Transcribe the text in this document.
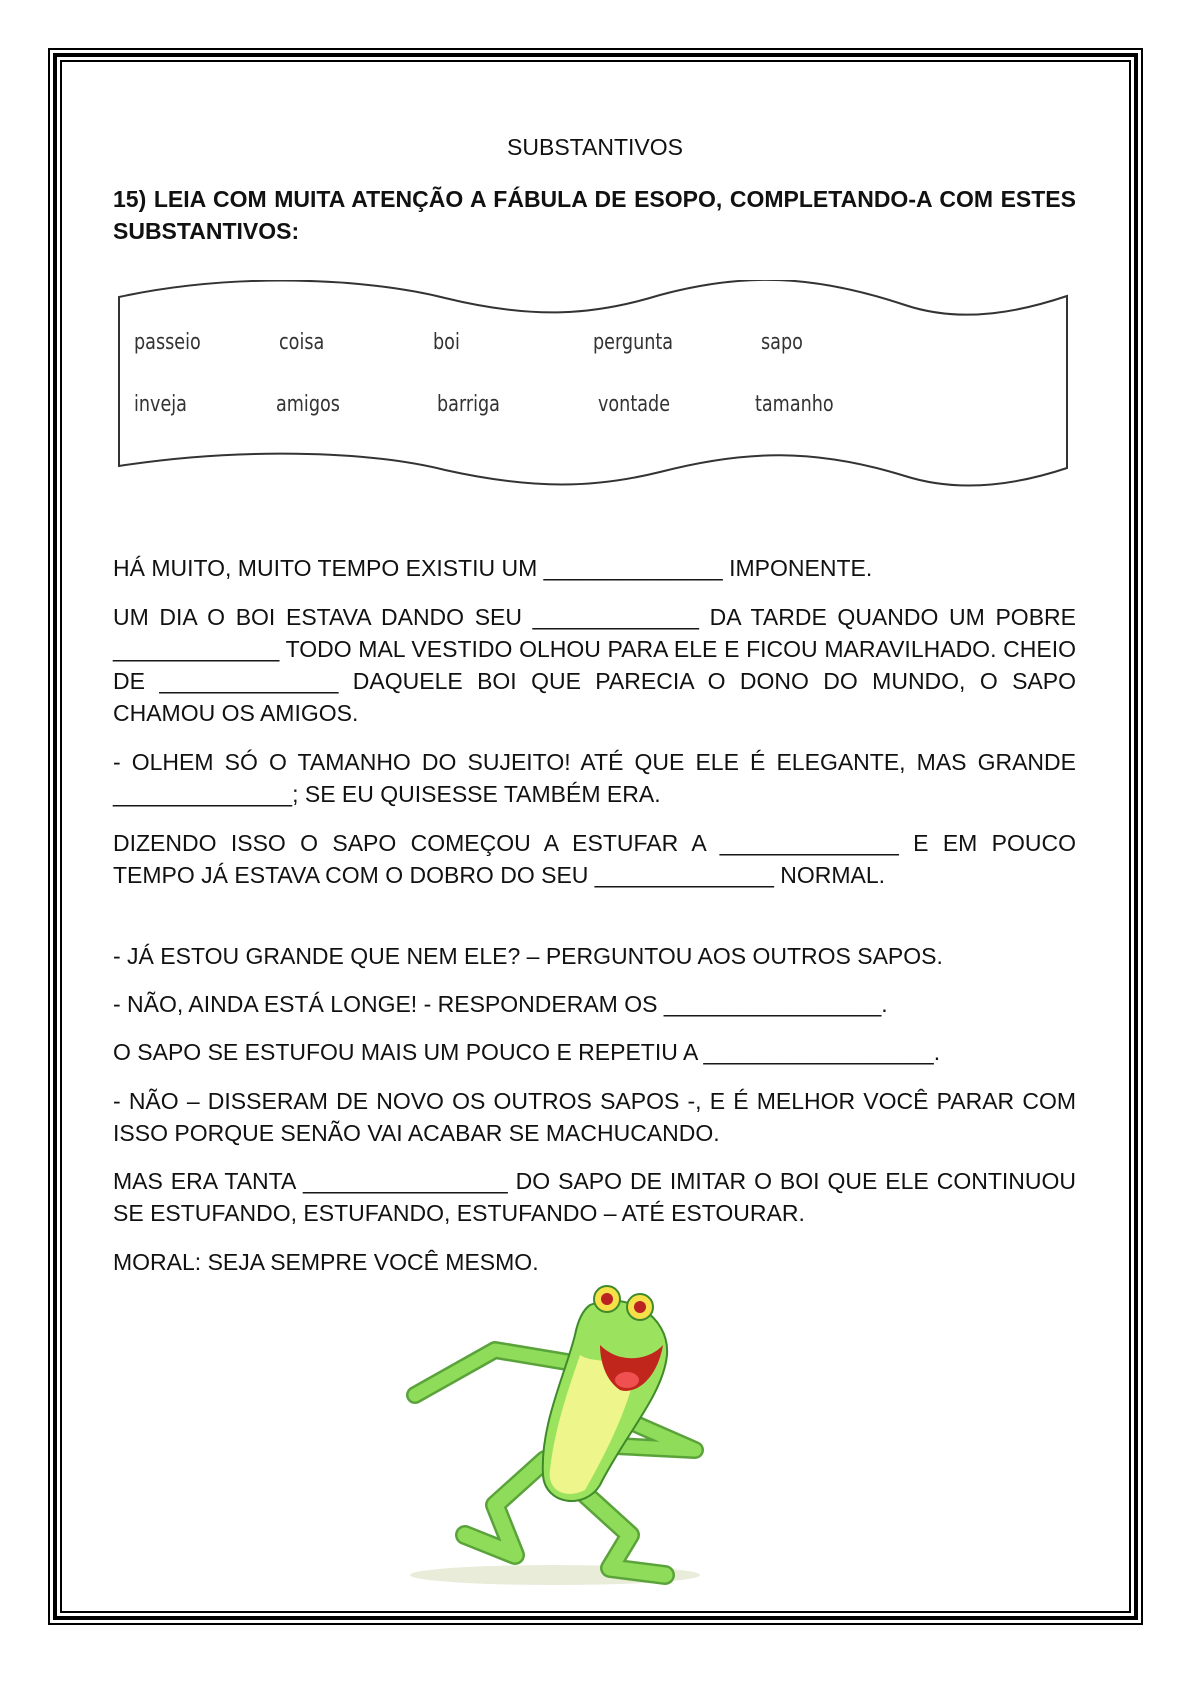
SUBSTANTIVOS
15) LEIA COM MUITA ATENÇÃO A FÁBULA DE ESOPO, COMPLETANDO-A COM ESTES SUBSTANTIVOS:
passeio	coisa	boi	pergunta	sapo
inveja	amigos	barriga	vontade	tamanho
HÁ MUITO, MUITO TEMPO EXISTIU UM ______________ IMPONENTE.
UM DIA O BOI ESTAVA DANDO SEU _____________ DA TARDE QUANDO UM POBRE _____________ TODO MAL VESTIDO OLHOU PARA ELE E FICOU MARAVILHADO. CHEIO DE ______________ DAQUELE BOI QUE PARECIA O DONO DO MUNDO, O SAPO CHAMOU OS AMIGOS.
- OLHEM SÓ O TAMANHO DO SUJEITO! ATÉ QUE ELE É ELEGANTE, MAS GRANDE ______________; SE EU QUISESSE TAMBÉM ERA.
DIZENDO ISSO O SAPO COMEÇOU A ESTUFAR A ______________ E EM POUCO TEMPO JÁ ESTAVA COM O DOBRO DO SEU ______________ NORMAL.
- JÁ ESTOU GRANDE QUE NEM ELE? – PERGUNTOU AOS OUTROS SAPOS.
- NÃO, AINDA ESTÁ LONGE! - RESPONDERAM OS _________________.
O SAPO SE ESTUFOU MAIS UM POUCO E REPETIU A __________________.
- NÃO – DISSERAM DE NOVO OS OUTROS SAPOS -, E É MELHOR VOCÊ PARAR COM ISSO PORQUE SENÃO VAI ACABAR SE MACHUCANDO.
MAS ERA TANTA ________________ DO SAPO DE IMITAR O BOI QUE ELE CONTINUOU SE ESTUFANDO, ESTUFANDO, ESTUFANDO – ATÉ ESTOURAR.
MORAL: SEJA SEMPRE VOCÊ MESMO.
